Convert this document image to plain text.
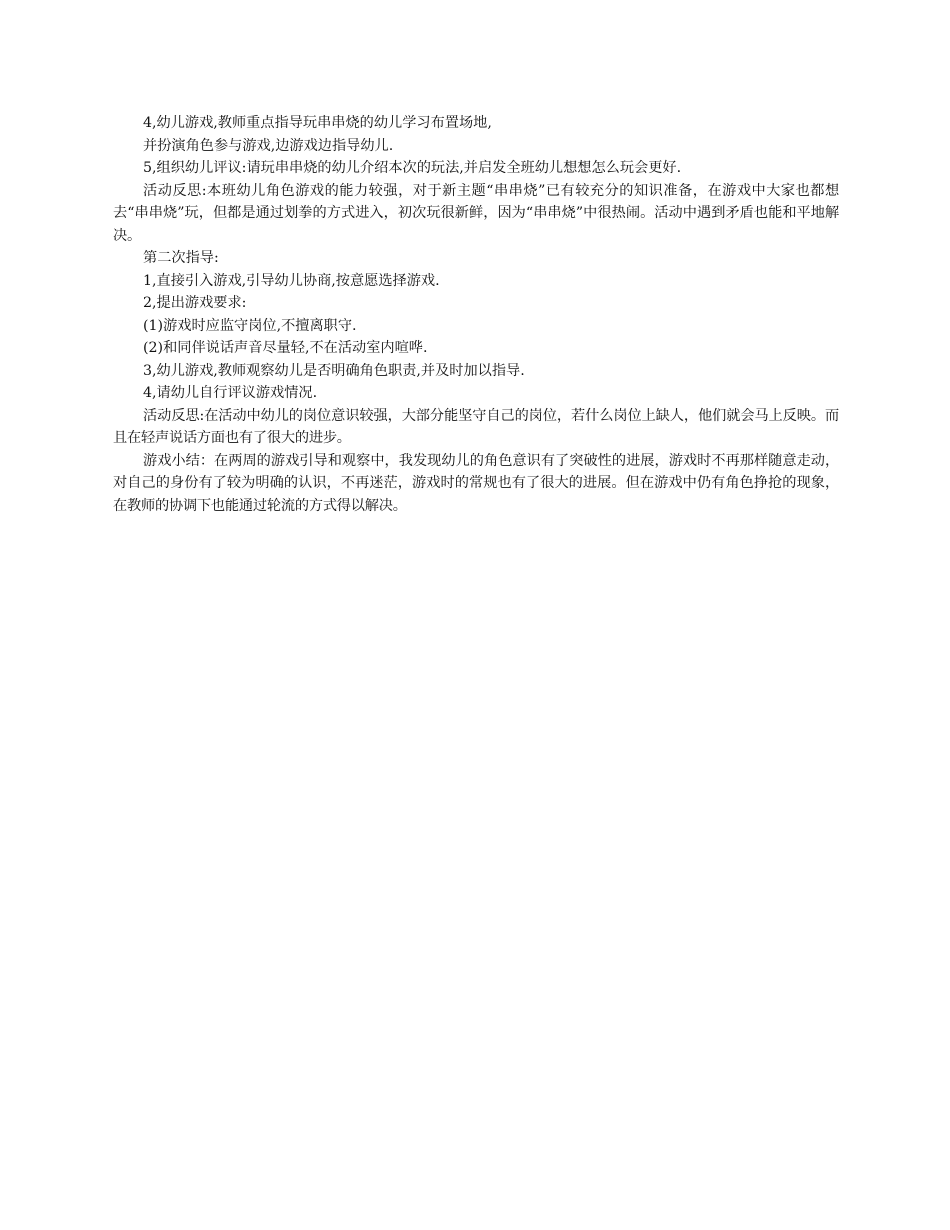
4,幼儿游戏,教师重点指导玩串串烧的幼儿学习布置场地,

并扮演角色参与游戏,边游戏边指导幼儿.

5,组织幼儿评议:请玩串串烧的幼儿介绍本次的玩法,并启发全班幼儿想想怎么玩会更好.

活动反思:本班幼儿角色游戏的能力较强，对于新主题“串串烧”已有较充分的知识准备，在游戏中大家也都想去“串串烧”玩，但都是通过划拳的方式进入，初次玩很新鲜，因为“串串烧”中很热闹。活动中遇到矛盾也能和平地解决。

第二次指导:

1,直接引入游戏,引导幼儿协商,按意愿选择游戏.

2,提出游戏要求:

(1)游戏时应监守岗位,不擅离职守.

(2)和同伴说话声音尽量轻,不在活动室内喧哗.

3,幼儿游戏,教师观察幼儿是否明确角色职责,并及时加以指导.

4,请幼儿自行评议游戏情况.

活动反思:在活动中幼儿的岗位意识较强，大部分能坚守自己的岗位，若什么岗位上缺人，他们就会马上反映。而且在轻声说话方面也有了很大的进步。

游戏小结：在两周的游戏引导和观察中，我发现幼儿的角色意识有了突破性的进展，游戏时不再那样随意走动，对自己的身份有了较为明确的认识，不再迷茫，游戏时的常规也有了很大的进展。但在游戏中仍有角色挣抢的现象，在教师的协调下也能通过轮流的方式得以解决。
